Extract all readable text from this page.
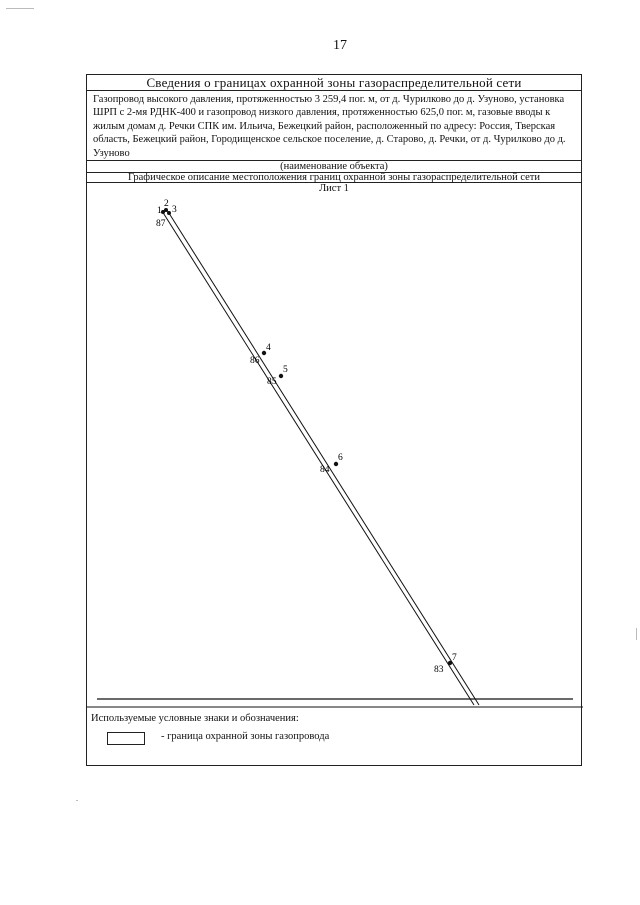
17
Сведения о границах охранной зоны газораспределительной сети
Газопровод высокого давления, протяженностью 3 259,4 пог. м, от д. Чурилково до д. Узуново, установка ШРП с 2-мя РДНК-400 и газопровод низкого давления, протяженностью 625,0 пог. м, газовые вводы к жилым домам д. Речки СПК им. Ильича, Бежецкий район, расположенный по адресу: Россия, Тверская область, Бежецкий район, Городищенское сельское поселение, д. Старово, д. Речки, от д. Чурилково до д. Узуново
(наименование объекта)
Графическое описание местоположения границ охранной зоны газораспределительной сети
Лист 1
1
2
3
87
4
86
5
85
6
84
7
83
Используемые условные знаки и обозначения:
- граница охранной зоны газопровода
